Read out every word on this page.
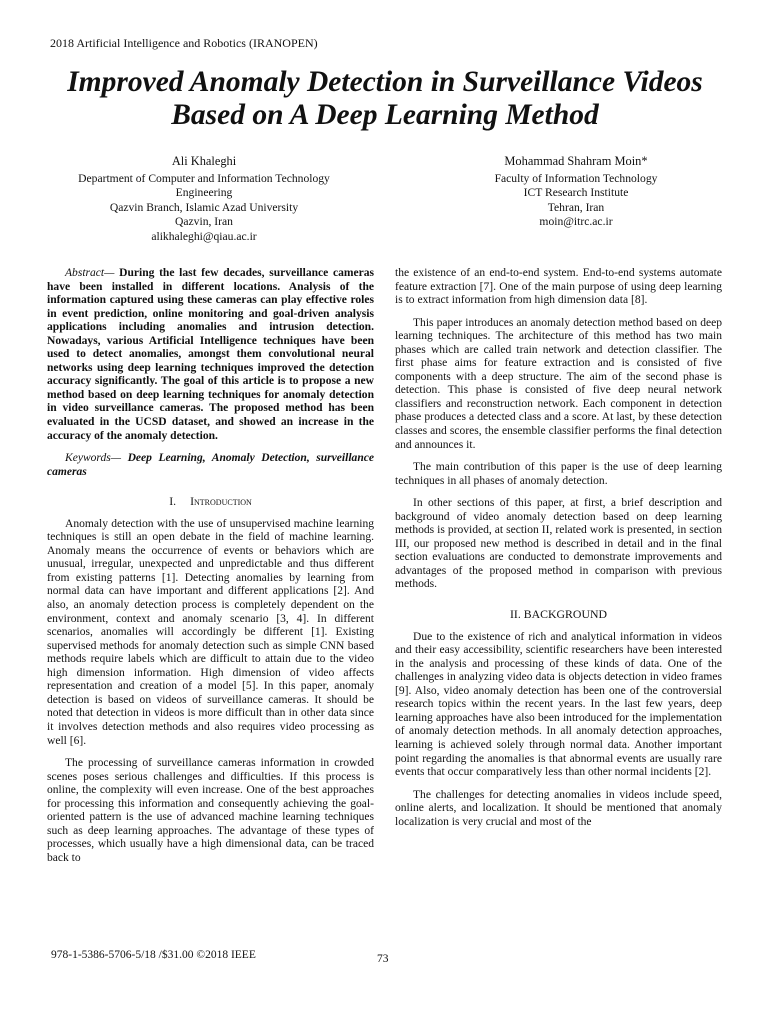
2018 Artificial Intelligence and Robotics (IRANOPEN)
Improved Anomaly Detection in Surveillance Videos
Based on A Deep Learning Method
Ali Khaleghi
Department of Computer and Information Technology
Engineering
Qazvin Branch, Islamic Azad University
Qazvin, Iran
alikhaleghi@qiau.ac.ir
Mohammad Shahram Moin*
Faculty of Information Technology
ICT Research Institute
Tehran, Iran
moin@itrc.ac.ir

Abstract— During the last few decades, surveillance cameras have been installed in different locations. Analysis of the information captured using these cameras can play effective roles in event prediction, online monitoring and goal-driven analysis applications including anomalies and intrusion detection. Nowadays, various Artificial Intelligence techniques have been used to detect anomalies, amongst them convolutional neural networks using deep learning techniques improved the detection accuracy significantly. The goal of this article is to propose a new method based on deep learning techniques for anomaly detection in video surveillance cameras. The proposed method has been evaluated in the UCSD dataset, and showed an increase in the accuracy of the anomaly detection.

Keywords— Deep Learning, Anomaly Detection, surveillance cameras

I. Introduction

Anomaly detection with the use of unsupervised machine learning techniques is still an open debate in the field of machine learning. Anomaly means the occurrence of events or behaviors which are unusual, irregular, unexpected and unpredictable and thus different from existing patterns [1]. Detecting anomalies by learning from normal data can have important and different applications [2]. And also, an anomaly detection process is completely dependent on the environment, context and anomaly scenario [3, 4]. In different scenarios, anomalies will accordingly be different [1]. Existing supervised methods for anomaly detection such as simple CNN based methods require labels which are difficult to attain due to the video high dimension information. High dimension of video affects representation and creation of a model [5]. In this paper, anomaly detection is based on videos of surveillance cameras. It should be noted that detection in videos is more difficult than in other data since it involves detection methods and also requires video processing as well [6].

The processing of surveillance cameras information in crowded scenes poses serious challenges and difficulties. If this process is online, the complexity will even increase. One of the best approaches for processing this information and consequently achieving the goal-oriented pattern is the use of advanced machine learning techniques such as deep learning approaches. The advantage of these types of processes, which usually have a high dimensional data, can be traced back to

the existence of an end-to-end system. End-to-end systems automate feature extraction [7]. One of the main purpose of using deep learning is to extract information from high dimension data [8].

This paper introduces an anomaly detection method based on deep learning techniques. The architecture of this method has two main phases which are called train network and detection classifier. The first phase aims for feature extraction and is consisted of five components with a deep structure. The aim of the second phase is detection. This phase is consisted of five deep neural network classifiers and reconstruction network. Each component in detection phase produces a detected class and a score. At last, by these detection classes and scores, the ensemble classifier performs the final detection and announces it.

The main contribution of this paper is the use of deep learning techniques in all phases of anomaly detection.

In other sections of this paper, at first, a brief description and background of video anomaly detection based on deep learning methods is provided, at section II, related work is presented, in section III, our proposed new method is described in detail and in the final section evaluations are conducted to demonstrate improvements and advantages of the proposed method in comparison with previous methods.

II. BACKGROUND

Due to the existence of rich and analytical information in videos and their easy accessibility, scientific researchers have been interested in the analysis and processing of these kinds of data. One of the challenges in analyzing video data is objects detection in video frames [9]. Also, video anomaly detection has been one of the controversial research topics within the recent years. In the last few years, deep learning approaches have also been introduced for the implementation of anomaly detection methods. In all anomaly detection approaches, learning is achieved solely through normal data. Another important point regarding the anomalies is that abnormal events are usually rare events that occur comparatively less than other normal incidents [2].

The challenges for detecting anomalies in videos include speed, online alerts, and localization. It should be mentioned that anomaly localization is very crucial and most of the

978-1-5386-5706-5/18 /$31.00 ©2018 IEEE	73
